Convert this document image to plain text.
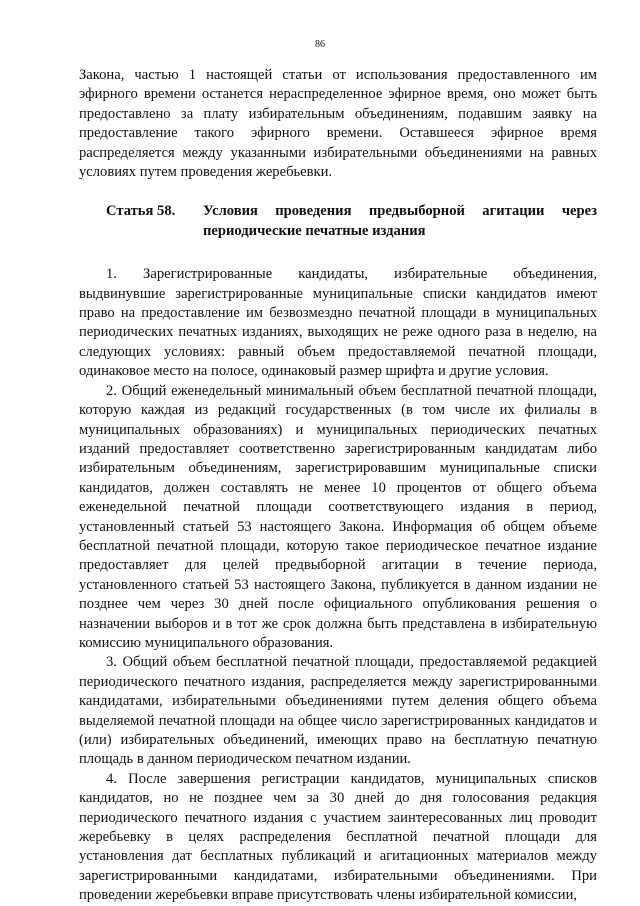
86

Закона, частью 1 настоящей статьи от использования предоставленного им эфирного времени останется нераспределенное эфирное время, оно может быть предоставлено за плату избирательным объединениям, подавшим заявку на предоставление такого эфирного времени. Оставшееся эфирное время распределяется между указанными избирательными объединениями на равных условиях путем проведения жеребьевки.

Статья 58.	Условия проведения предвыборной агитации через периодические печатные издания

1. Зарегистрированные кандидаты, избирательные объединения, выдвинувшие зарегистрированные муниципальные списки кандидатов имеют право на предоставление им безвозмездно печатной площади в муниципальных периодических печатных изданиях, выходящих не реже одного раза в неделю, на следующих условиях: равный объем предоставляемой печатной площади, одинаковое место на полосе, одинаковый размер шрифта и другие условия.

2. Общий еженедельный минимальный объем бесплатной печатной площади, которую каждая из редакций государственных (в том числе их филиалы в муниципальных образованиях) и муниципальных периодических печатных изданий предоставляет соответственно зарегистрированным кандидатам либо избирательным объединениям, зарегистрировавшим муниципальные списки кандидатов, должен составлять не менее 10 процентов от общего объема еженедельной печатной площади соответствующего издания в период, установленный статьей 53 настоящего Закона. Информация об общем объеме бесплатной печатной площади, которую такое периодическое печатное издание предоставляет для целей предвыборной агитации в течение периода, установленного статьей 53 настоящего Закона, публикуется в данном издании не позднее чем через 30 дней после официального опубликования решения о назначении выборов и в тот же срок должна быть представлена в избирательную комиссию муниципального образования.

3. Общий объем бесплатной печатной площади, предоставляемой редакцией периодического печатного издания, распределяется между зарегистрированными кандидатами, избирательными объединениями путем деления общего объема выделяемой печатной площади на общее число зарегистрированных кандидатов и (или) избирательных объединений, имеющих право на бесплатную печатную площадь в данном периодическом печатном издании.

4. После завершения регистрации кандидатов, муниципальных списков кандидатов, но не позднее чем за 30 дней до дня голосования редакция периодического печатного издания с участием заинтересованных лиц проводит жеребьевку в целях распределения бесплатной печатной площади для установления дат бесплатных публикаций и агитационных материалов между зарегистрированными кандидатами, избирательными объединениями. При проведении жеребьевки вправе присутствовать члены избирательной комиссии,
